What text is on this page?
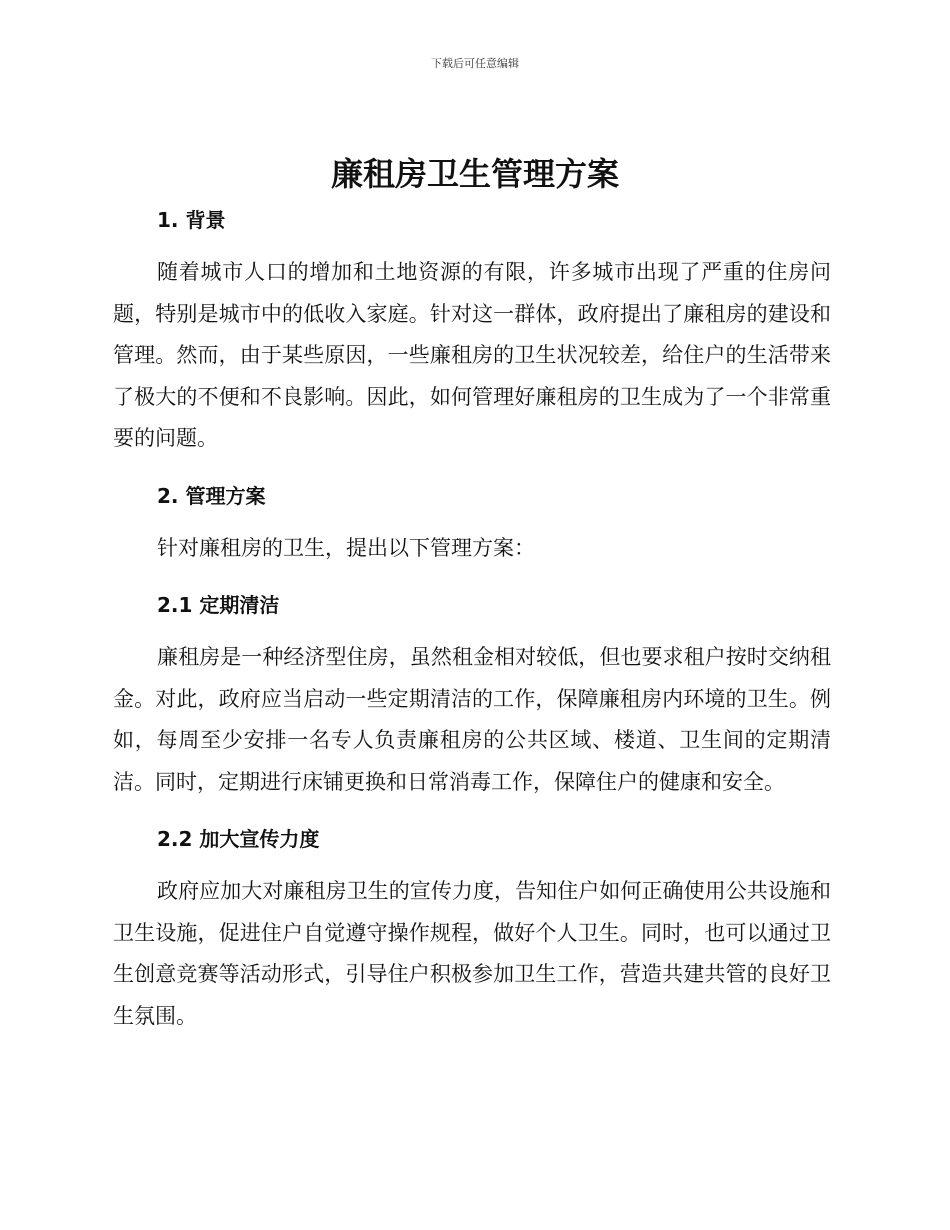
下载后可任意编辑
廉租房卫生管理方案
1. 背景

随着城市人口的增加和土地资源的有限，许多城市出现了严重的住房问题，特别是城市中的低收入家庭。针对这一群体，政府提出了廉租房的建设和管理。然而，由于某些原因，一些廉租房的卫生状况较差，给住户的生活带来了极大的不便和不良影响。因此，如何管理好廉租房的卫生成为了一个非常重要的问题。

2. 管理方案

针对廉租房的卫生，提出以下管理方案：

2.1 定期清洁

廉租房是一种经济型住房，虽然租金相对较低，但也要求租户按时交纳租金。对此，政府应当启动一些定期清洁的工作，保障廉租房内环境的卫生。例如，每周至少安排一名专人负责廉租房的公共区域、楼道、卫生间的定期清洁。同时，定期进行床铺更换和日常消毒工作，保障住户的健康和安全。

2.2 加大宣传力度

政府应加大对廉租房卫生的宣传力度，告知住户如何正确使用公共设施和卫生设施，促进住户自觉遵守操作规程，做好个人卫生。同时，也可以通过卫生创意竞赛等活动形式，引导住户积极参加卫生工作，营造共建共管的良好卫生氛围。
